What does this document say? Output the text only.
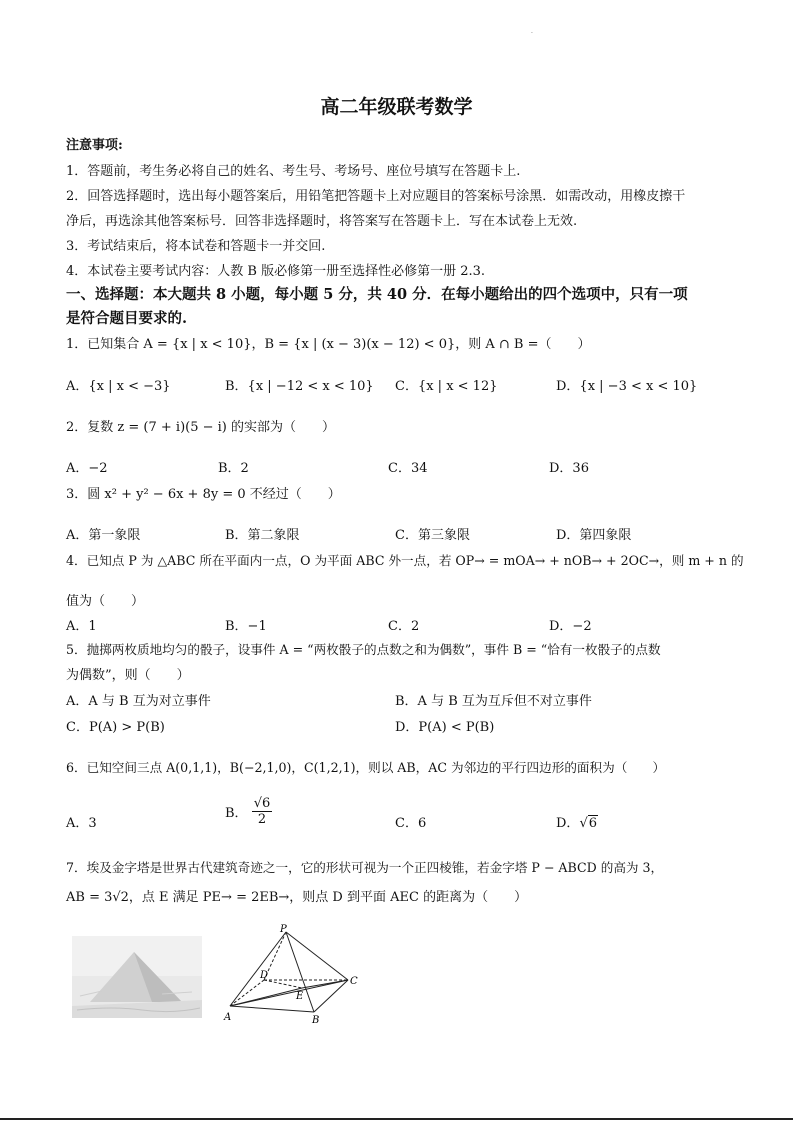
·
高二年级联考数学
注意事项:
1．答题前，考生务必将自己的姓名、考生号、考场号、座位号填写在答题卡上.
2．回答选择题时，选出每小题答案后，用铅笔把答题卡上对应题目的答案标号涂黑．如需改动，用橡皮擦干
净后，再选涂其他答案标号．回答非选择题时，将答案写在答题卡上．写在本试卷上无效.
3．考试结束后，将本试卷和答题卡一并交回.
4．本试卷主要考试内容：人教 B 版必修第一册至选择性必修第一册 2.3.
一、选择题：本大题共 8 小题，每小题 5 分，共 40 分．在每小题给出的四个选项中，只有一项
是符合题目要求的.
1．已知集合 A = {x | x < 10}，B = {x | (x − 3)(x − 12) < 0}，则 A ∩ B =（　　）
A．{x | x < −3}	B．{x | −12 < x < 10} C．{x | x < 12}	D．{x | −3 < x < 10}
2．复数 z = (7 + i)(5 − i) 的实部为（　　）
A．−2	B．2	C．34	D．36
3．圆 x² + y² − 6x + 8y = 0 不经过（　　）
A．第一象限	B．第二象限	C．第三象限	D．第四象限
4．已知点 P 为 △ABC 所在平面内一点，O 为平面 ABC 外一点，若 OP→ = mOA→ + nOB→ + 2OC→，则 m + n 的
值为（　　）
A．1	B．−1	C．2	D．−2
5．抛掷两枚质地均匀的骰子，设事件 A = “两枚骰子的点数之和为偶数”，事件 B = “恰有一枚骰子的点数
为偶数”，则（　　）
A．A 与 B 互为对立事件	B．A 与 B 互为互斥但不对立事件
C．P(A) > P(B)	D．P(A) < P(B)
6．已知空间三点 A(0,1,1)，B(−2,1,0)，C(1,2,1)，则以 AB，AC 为邻边的平行四边形的面积为（　　）
A．3
B． $\frac{√6}{2}$	C．6	D．√6
7．埃及金字塔是世界古代建筑奇迹之一，它的形状可视为一个正四棱锥，若金字塔 P − ABCD 的高为 3，
AB = 3√2，点 E 满足 PE→ = 2EB→，则点 D 到平面 AEC 的距离为（　　）
P
A	B
C
D
E
